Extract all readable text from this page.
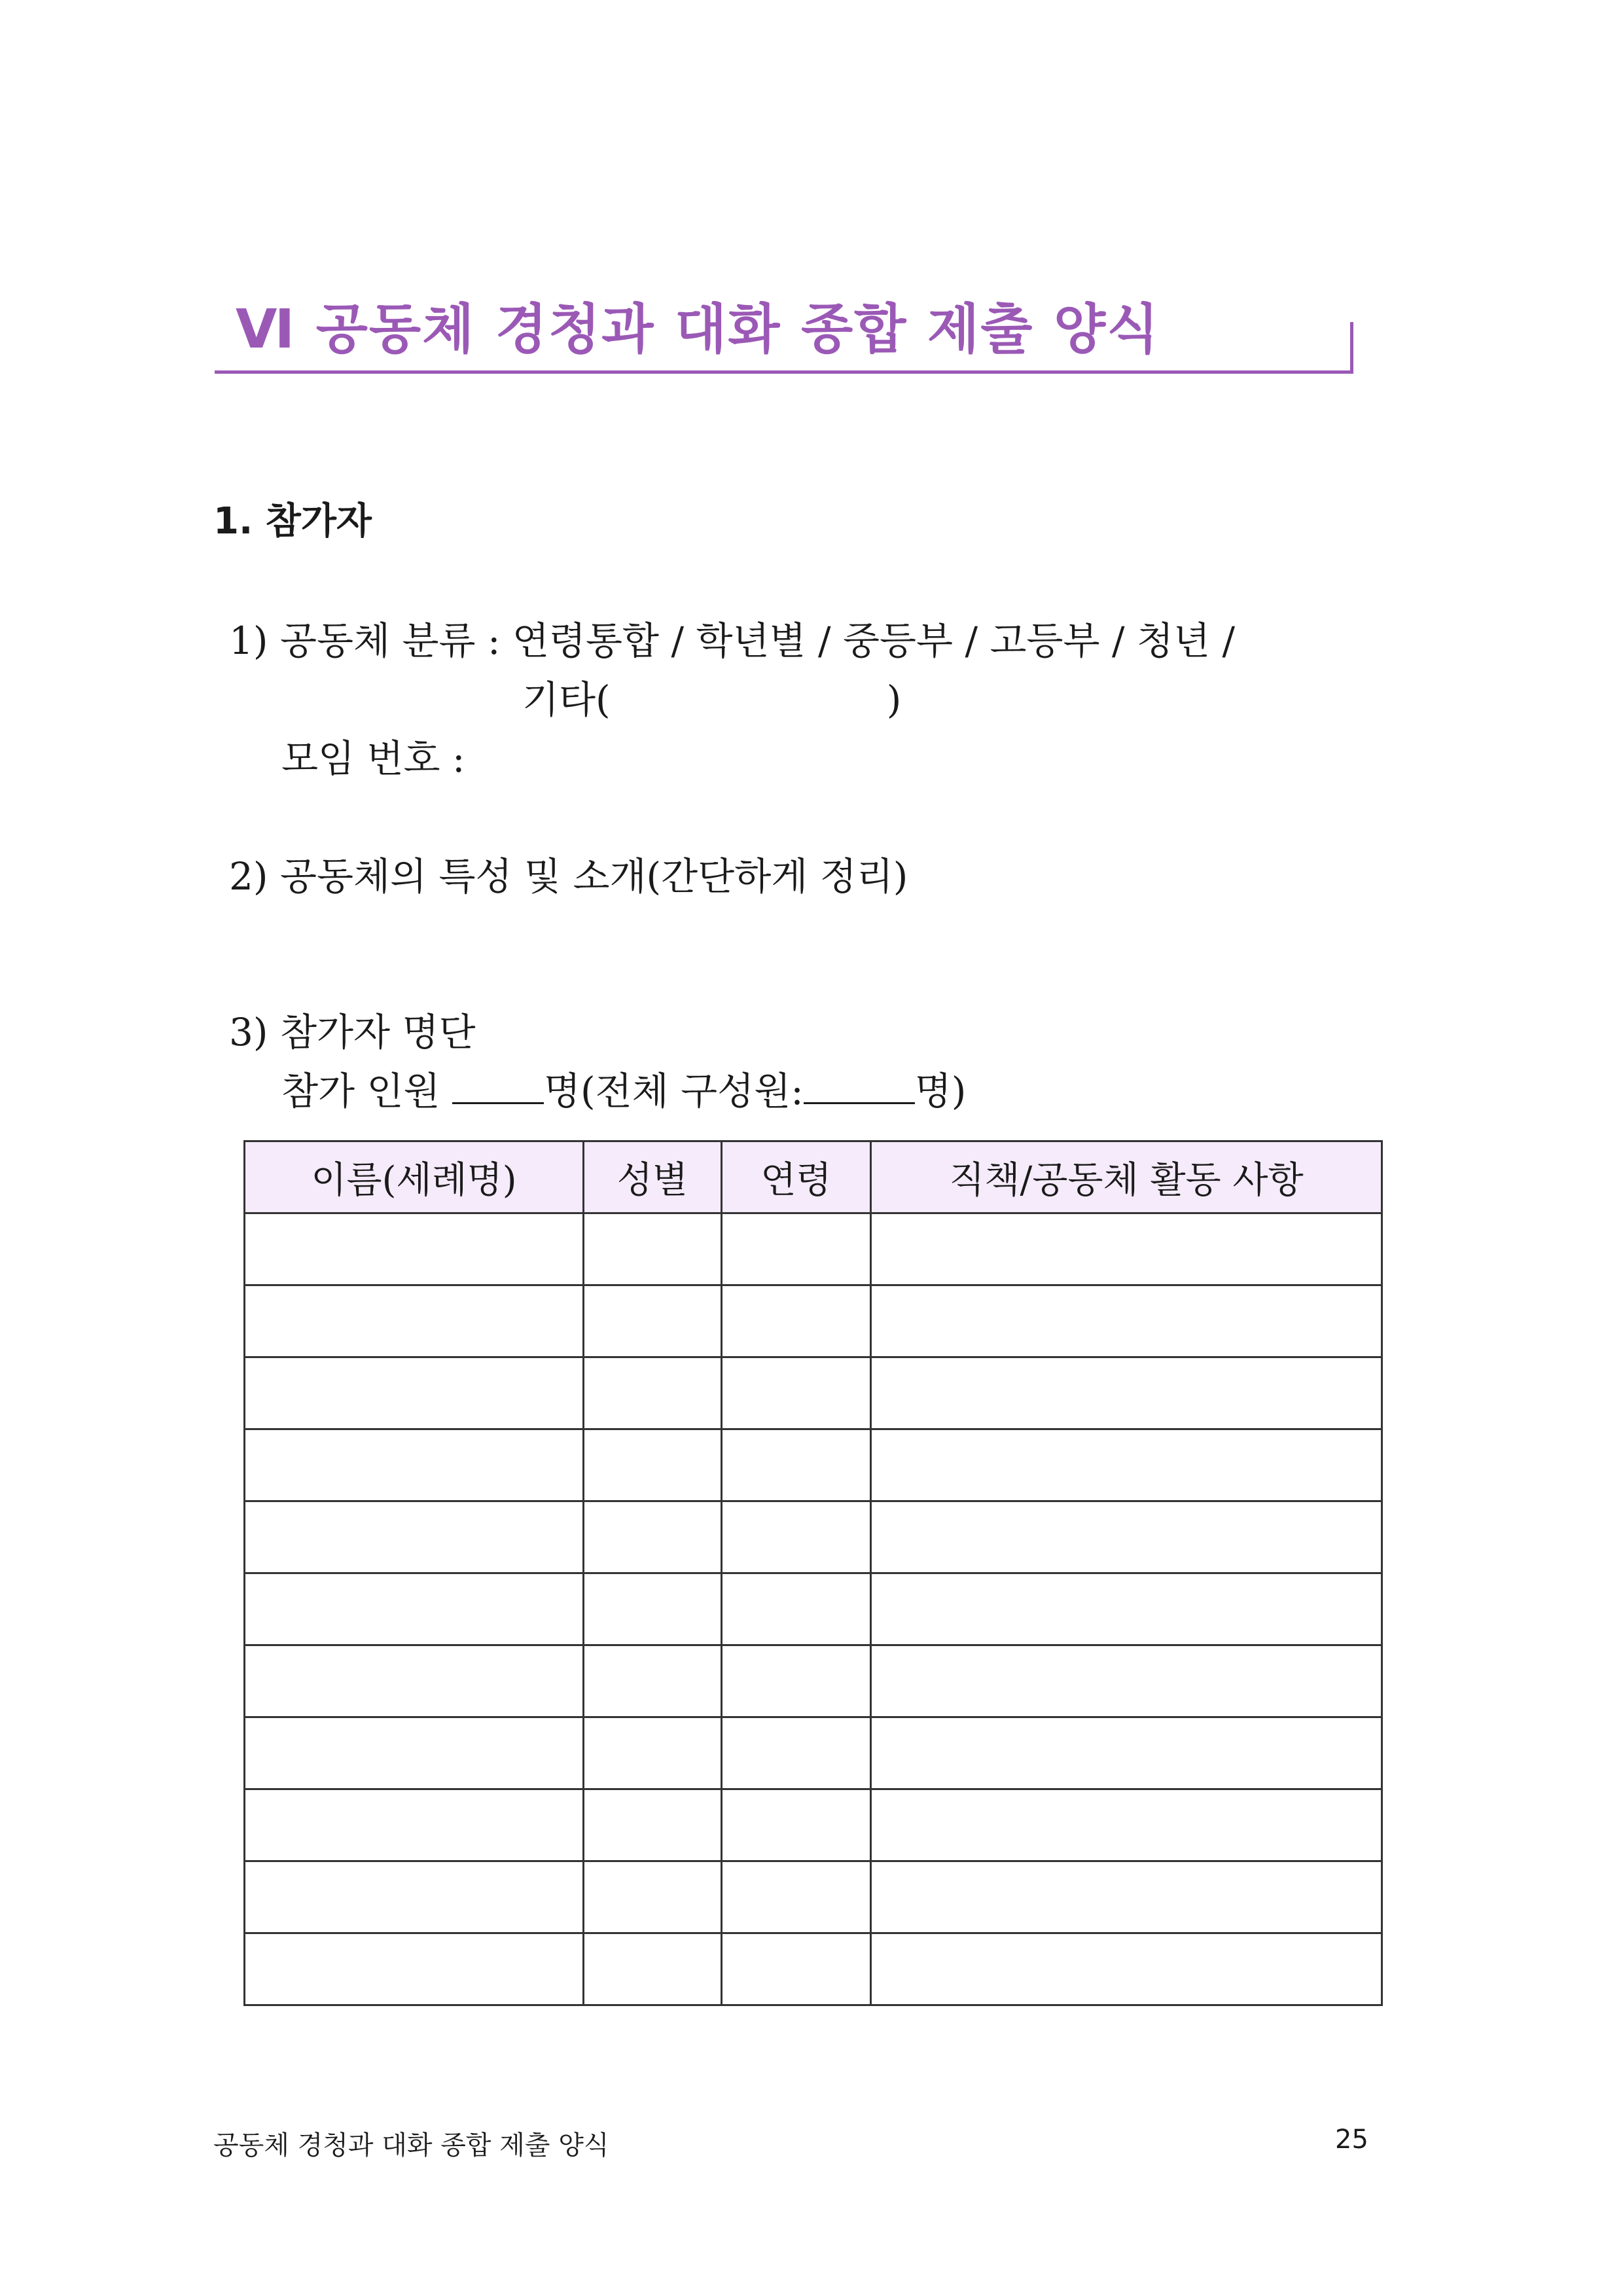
Ⅵ 공동체 경청과 대화 종합 제출 양식
1. 참가자
1) 공동체 분류 : 연령통합 / 학년별 / 중등부 / 고등부 / 청년 /
기타(	)
모임 번호 :
2) 공동체의 특성 및 소개(간단하게 정리)
3) 참가자 명단
참가 인원	명(전체 구성원:	명)
이름(세례명)	성별	연령	직책/공동체 활동 사항

공동체 경청과 대화 종합 제출 양식	25
